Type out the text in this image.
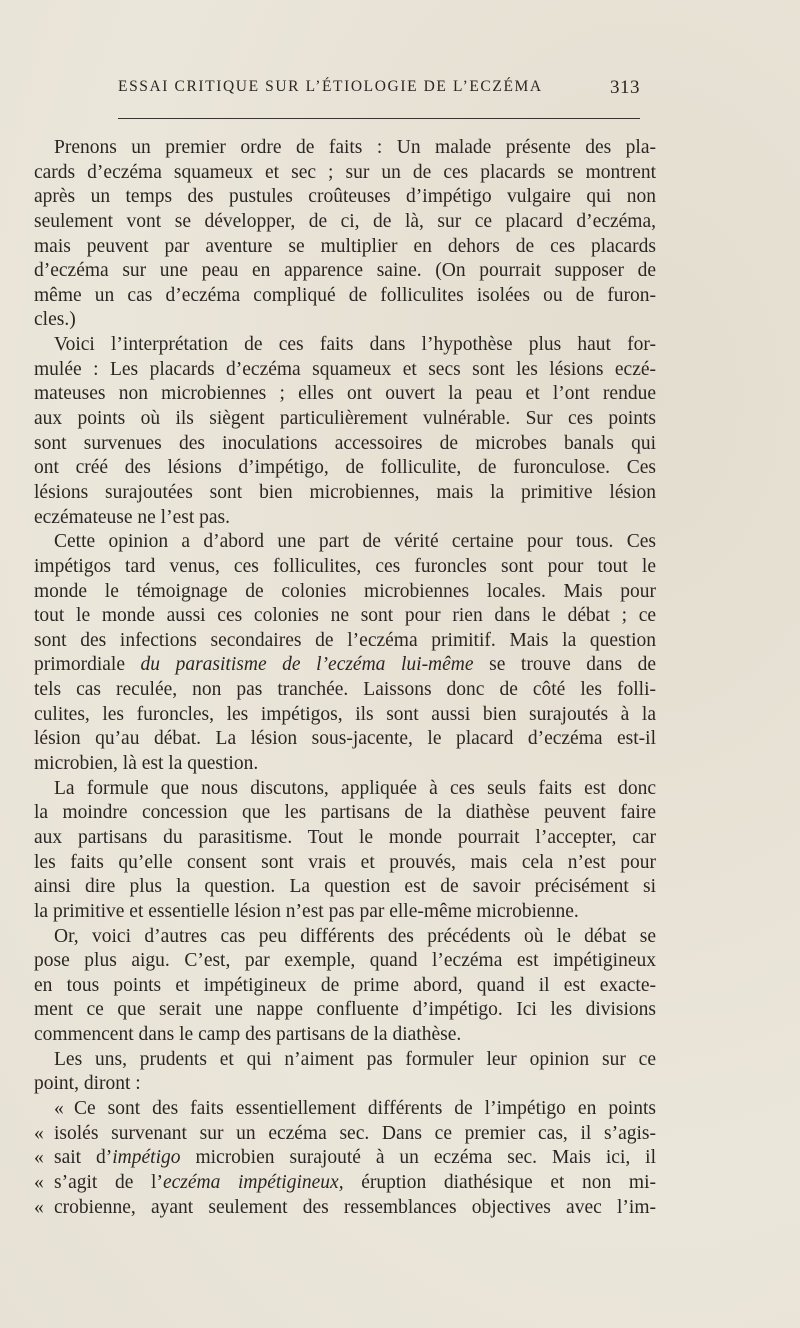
ESSAI CRITIQUE SUR L’ÉTIOLOGIE DE L’ECZÉMA	313
Prenons un premier ordre de faits : Un malade présente des pla-
cards d’eczéma squameux et sec ; sur un de ces placards se montrent
après un temps des pustules croûteuses d’impétigo vulgaire qui non
seulement vont se développer, de ci, de là, sur ce placard d’eczéma,
mais peuvent par aventure se multiplier en dehors de ces placards
d’eczéma sur une peau en apparence saine. (On pourrait supposer de
même un cas d’eczéma compliqué de folliculites isolées ou de furon-
cles.)
Voici l’interprétation de ces faits dans l’hypothèse plus haut for-
mulée : Les placards d’eczéma squameux et secs sont les lésions eczé-
mateuses non microbiennes ; elles ont ouvert la peau et l’ont rendue
aux points où ils siègent particulièrement vulnérable. Sur ces points
sont survenues des inoculations accessoires de microbes banals qui
ont créé des lésions d’impétigo, de folliculite, de furonculose. Ces
lésions surajoutées sont bien microbiennes, mais la primitive lésion
eczémateuse ne l’est pas.
Cette opinion a d’abord une part de vérité certaine pour tous. Ces
impétigos tard venus, ces folliculites, ces furoncles sont pour tout le
monde le témoignage de colonies microbiennes locales. Mais pour
tout le monde aussi ces colonies ne sont pour rien dans le débat ; ce
sont des infections secondaires de l’eczéma primitif. Mais la question
primordiale du parasitisme de l’eczéma lui-même se trouve dans de
tels cas reculée, non pas tranchée. Laissons donc de côté les folli-
culites, les furoncles, les impétigos, ils sont aussi bien surajoutés à la
lésion qu’au débat. La lésion sous-jacente, le placard d’eczéma est-il
microbien, là est la question.
La formule que nous discutons, appliquée à ces seuls faits est donc
la moindre concession que les partisans de la diathèse peuvent faire
aux partisans du parasitisme. Tout le monde pourrait l’accepter, car
les faits qu’elle consent sont vrais et prouvés, mais cela n’est pour
ainsi dire plus la question. La question est de savoir précisément si
la primitive et essentielle lésion n’est pas par elle-même microbienne.
Or, voici d’autres cas peu différents des précédents où le débat se
pose plus aigu. C’est, par exemple, quand l’eczéma est impétigineux
en tous points et impétigineux de prime abord, quand il est exacte-
ment ce que serait une nappe confluente d’impétigo. Ici les divisions
commencent dans le camp des partisans de la diathèse.
Les uns, prudents et qui n’aiment pas formuler leur opinion sur ce
point, diront :
« Ce sont des faits essentiellement différents de l’impétigo en points
« isolés survenant sur un eczéma sec. Dans ce premier cas, il s’agis-
« sait d’impétigo microbien surajouté à un eczéma sec. Mais ici, il
« s’agit de l’eczéma impétigineux, éruption diathésique et non mi-
« crobienne, ayant seulement des ressemblances objectives avec l’im-
